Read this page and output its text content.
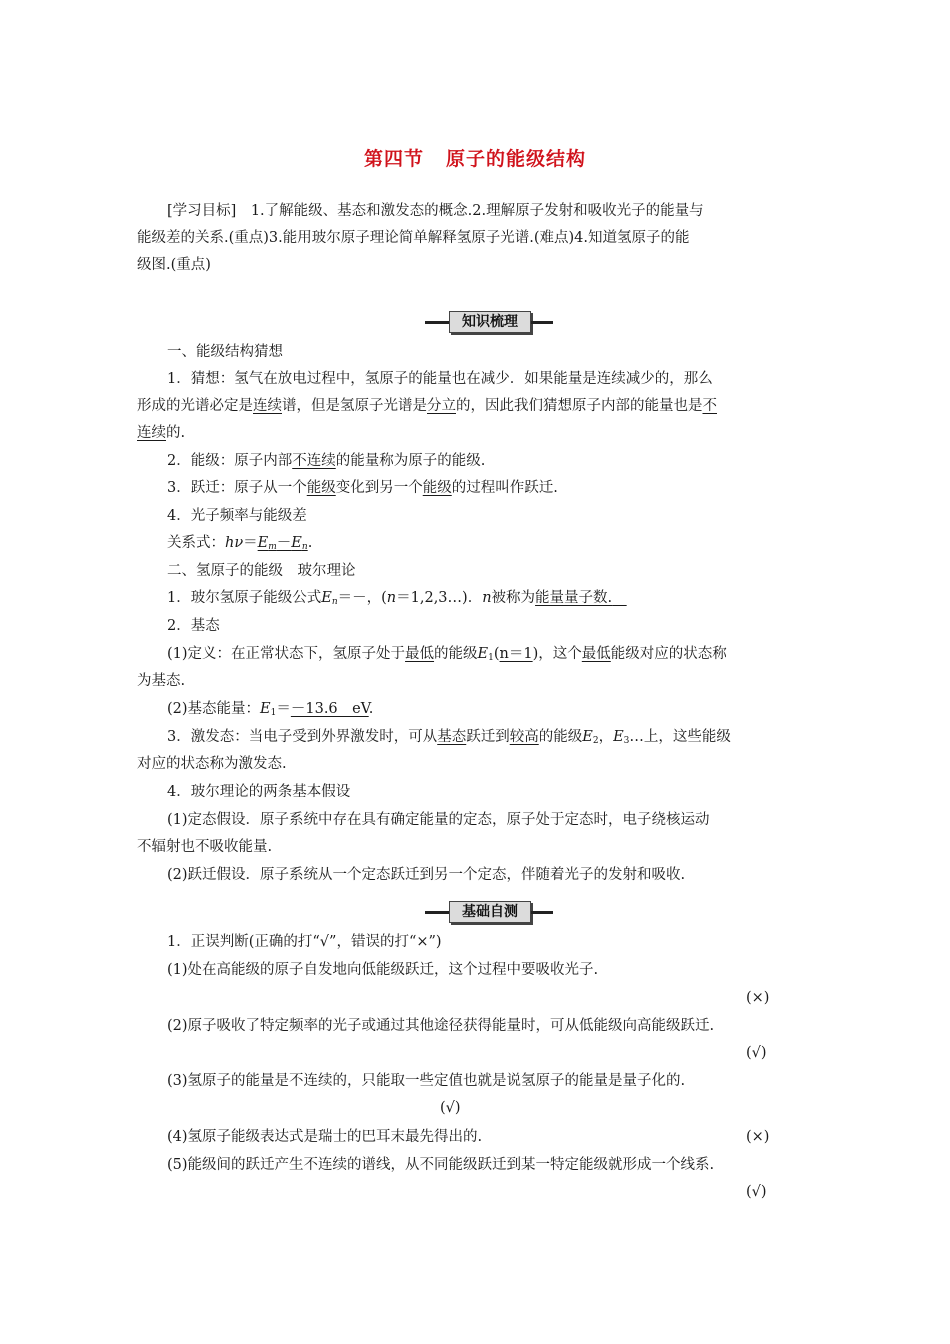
第四节 原子的能级结构
[学习目标]　1.了解能级、基态和激发态的概念.2.理解原子发射和吸收光子的能量与
能级差的关系.(重点)3.能用玻尔原子理论简单解释氢原子光谱.(难点)4.知道氢原子的能
级图.(重点)
知识梳理
一、能级结构猜想
1．猜想：氢气在放电过程中，氢原子的能量也在减少．如果能量是连续减少的，那么
形成的光谱必定是连续谱，但是氢原子光谱是分立的，因此我们猜想原子内部的能量也是不
连续的.
2．能级：原子内部不连续的能量称为原子的能级.
3．跃迁：原子从一个能级变化到另一个能级的过程叫作跃迁.
4．光子频率与能级差
关系式：$h\nu=E_m-E_n$.
二、氢原子的能级　玻尔理论
1．玻尔氢原子能级公式$E_n=-$，(n＝1,2,3…)．n被称为能量量子数.　
2．基态
(1)定义：在正常状态下，氢原子处于最低的能级$E_1(n=1)$，这个最低能级对应的状态称
为基态.
(2)基态能量：$E_1=-13.6$　eV.
3．激发态：当电子受到外界激发时，可从基态跃迁到较高的能级$E_2$，$E_3\dots$上，这些能级
对应的状态称为激发态.
4．玻尔理论的两条基本假设
(1)定态假设．原子系统中存在具有确定能量的定态，原子处于定态时，电子绕核运动
不辐射也不吸收能量.
(2)跃迁假设．原子系统从一个定态跃迁到另一个定态，伴随着光子的发射和吸收.
基础自测
1．正误判断(正确的打“√”，错误的打“×”)
(1)处在高能级的原子自发地向低能级跃迁，这个过程中要吸收光子.
(×)
(2)原子吸收了特定频率的光子或通过其他途径获得能量时，可从低能级向高能级跃迁.
(√)
(3)氢原子的能量是不连续的，只能取一些定值也就是说氢原子的能量是量子化的.
(√)
(4)氢原子能级表达式是瑞士的巴耳末最先得出的.	(×)
(5)能级间的跃迁产生不连续的谱线，从不同能级跃迁到某一特定能级就形成一个线系.
(√)
